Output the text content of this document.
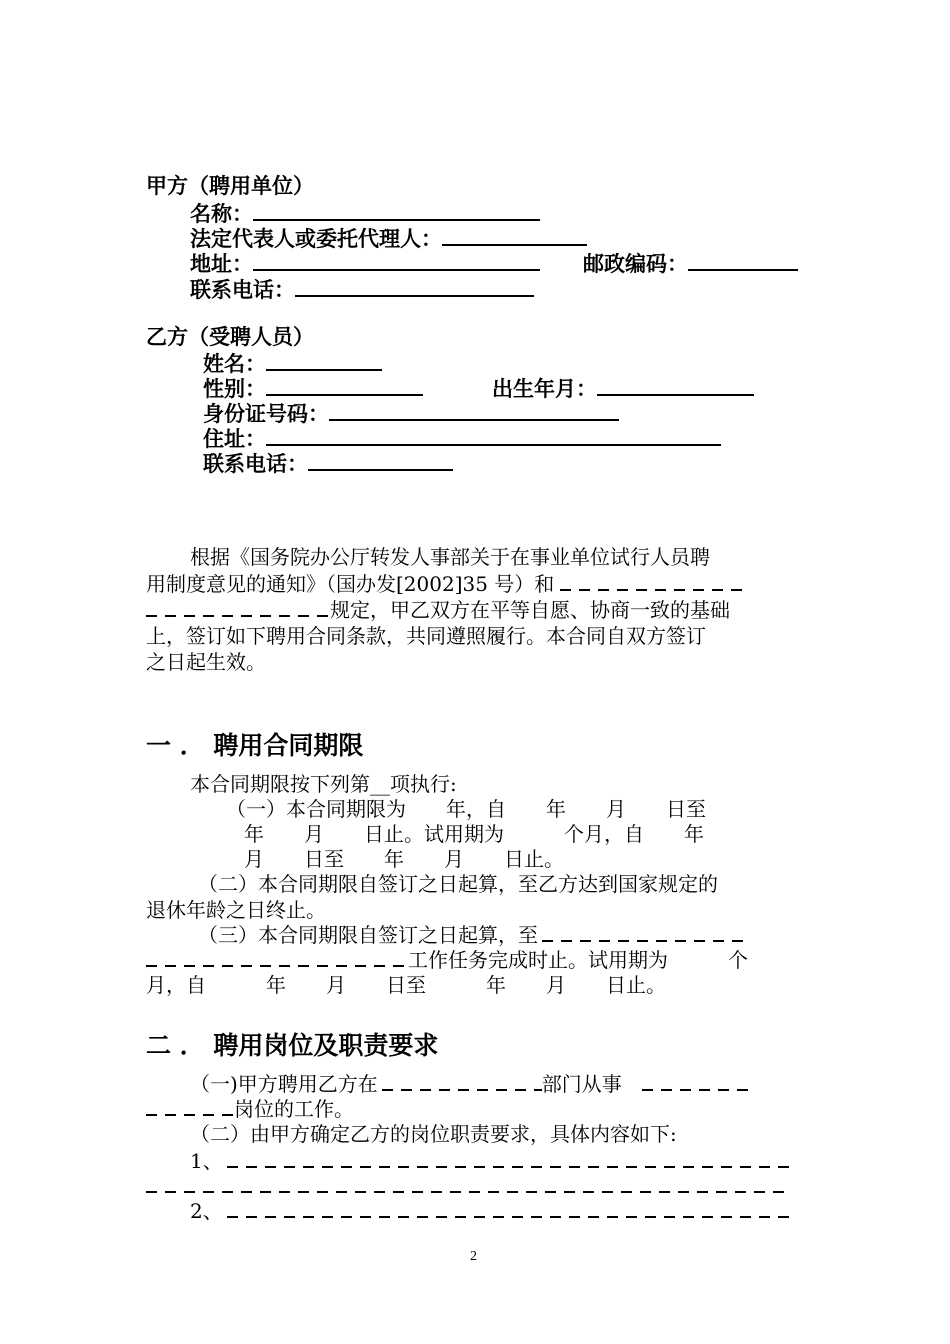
甲方（聘用单位）
名称：
法定代表人或委托代理人：
地址：	邮政编码：
联系电话：
乙方（受聘人员）
姓名：
性别：	出生年月：
身份证号码：
住址：
联系电话：
根据《国务院办公厅转发人事部关于在事业单位试行人员聘
用制度意见的通知》（国办发[2002]35 号）和
规定，甲乙双方在平等自愿、协商一致的基础
上，签订如下聘用合同条款，共同遵照履行。本合同自双方签订
之日起生效。
一 ． 聘用合同期限
本合同期限按下列第__项执行:
（一）本合同期限为　　年，自　　年　　月　　日至
年　　月　　日止。试用期为　　　个月，自　　年
月　　日至　　年　　月　　日止。
（二）本合同期限自签订之日起算，至乙方达到国家规定的
退休年龄之日终止。
（三）本合同期限自签订之日起算，至
工作任务完成时止。试用期为　　　个
月，自　　　年　　月　　日至　　　年　　月　　日止。
二 ． 聘用岗位及职责要求
（一)甲方聘用乙方在	部门从事
岗位的工作。
（二）由甲方确定乙方的岗位职责要求，具体内容如下:
1、
2、
2
